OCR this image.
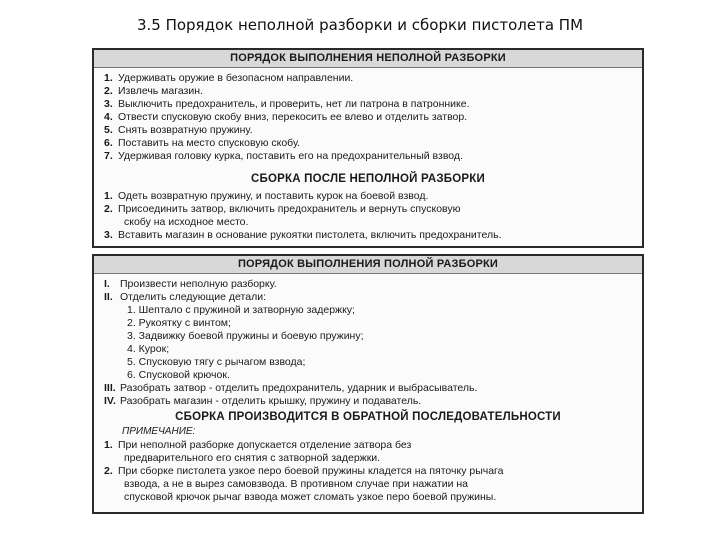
3.5 Порядок неполной разборки и сборки пистолета ПМ
ПОРЯДОК ВЫПОЛНЕНИЯ НЕПОЛНОЙ РАЗБОРКИ
1. Удерживать оружие в безопасном направлении.
2. Извлечь магазин.
3. Выключить предохранитель, и проверить, нет ли патрона в патроннике.
4. Отвести спусковую скобу вниз, перекосить ее влево и отделить затвор.
5. Снять возвратную пружину.
6. Поставить на место спусковую скобу.
7. Удерживая головку курка, поставить его на предохранительный взвод.
СБОРКА ПОСЛЕ НЕПОЛНОЙ РАЗБОРКИ
1. Одеть возвратную пружину, и поставить курок на боевой взвод.
2. Присоединить затвор, включить предохранитель и вернуть спусковую
скобу на исходное место.
3. Вставить магазин в основание рукоятки пистолета, включить предохранитель.
ПОРЯДОК ВЫПОЛНЕНИЯ ПОЛНОЙ РАЗБОРКИ
I. Произвести неполную разборку.
II. Отделить следующие детали:
1. Шептало с пружиной и затворную задержку;
2. Рукоятку с винтом;
3. Задвижку боевой пружины и боевую пружину;
4. Курок;
5. Спусковую тягу с рычагом взвода;
6. Спусковой крючок.
III. Разобрать затвор - отделить предохранитель, ударник и выбрасыватель.
IV. Разобрать магазин - отделить крышку, пружину и подаватель.
СБОРКА ПРОИЗВОДИТСЯ В ОБРАТНОЙ ПОСЛЕДОВАТЕЛЬНОСТИ
ПРИМЕЧАНИЕ:
1. При неполной разборке допускается отделение затвора без
предварительного его снятия с затворной задержки.
2. При сборке пистолета узкое перо боевой пружины кладется на пяточку рычага
взвода, а не в вырез самовзвода. В противном случае при нажатии на
спусковой крючок рычаг взвода может сломать узкое перо боевой пружины.
